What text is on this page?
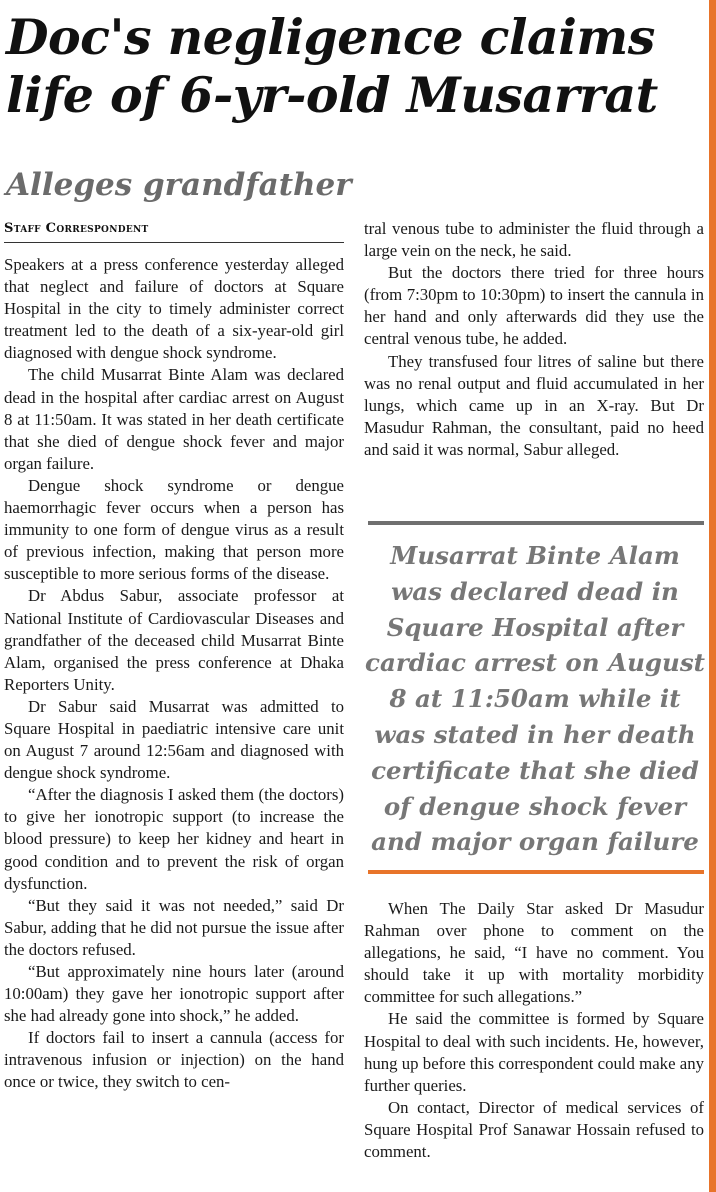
Doc's negligence claims life of 6-yr-old Musarrat
Alleges grandfather
Staff Correspondent

Speakers at a press conference yesterday alleged that neglect and failure of doctors at Square Hospital in the city to timely administer correct treatment led to the death of a six-year-old girl diagnosed with dengue shock syndrome.

The child Musarrat Binte Alam was declared dead in the hospital after cardiac arrest on August 8 at 11:50am. It was stated in her death certificate that she died of dengue shock fever and major organ failure.

Dengue shock syndrome or dengue haemorrhagic fever occurs when a person has immunity to one form of dengue virus as a result of previous infection, making that person more susceptible to more serious forms of the disease.

Dr Abdus Sabur, associate professor at National Institute of Cardiovascular Diseases and grandfather of the deceased child Musarrat Binte Alam, organised the press conference at Dhaka Reporters Unity.

Dr Sabur said Musarrat was admitted to Square Hospital in paediatric intensive care unit on August 7 around 12:56am and diagnosed with dengue shock syndrome.

“After the diagnosis I asked them (the doctors) to give her ionotropic support (to increase the blood pressure) to keep her kidney and heart in good condition and to prevent the risk of organ dysfunction.

“But they said it was not needed,” said Dr Sabur, adding that he did not pursue the issue after the doctors refused.

“But approximately nine hours later (around 10:00am) they gave her ionotropic support after she had already gone into shock,” he added.

If doctors fail to insert a cannula (access for intravenous infusion or injection) on the hand once or twice, they switch to cen-

tral venous tube to administer the fluid through a large vein on the neck, he said.

But the doctors there tried for three hours (from 7:30pm to 10:30pm) to insert the cannula in her hand and only afterwards did they use the central venous tube, he added.

They transfused four litres of saline but there was no renal output and fluid accumulated in her lungs, which came up in an X-ray. But Dr Masudur Rahman, the consultant, paid no heed and said it was normal, Sabur alleged.

Musarrat Binte Alam was declared dead in Square Hospital after cardiac arrest on August 8 at 11:50am while it was stated in her death certificate that she died of dengue shock fever and major organ failure

When The Daily Star asked Dr Masudur Rahman over phone to comment on the allegations, he said, “I have no comment. You should take it up with mortality morbidity committee for such allegations.”

He said the committee is formed by Square Hospital to deal with such incidents. He, however, hung up before this correspondent could make any further queries.

On contact, Director of medical services of Square Hospital Prof Sanawar Hossain refused to comment.
